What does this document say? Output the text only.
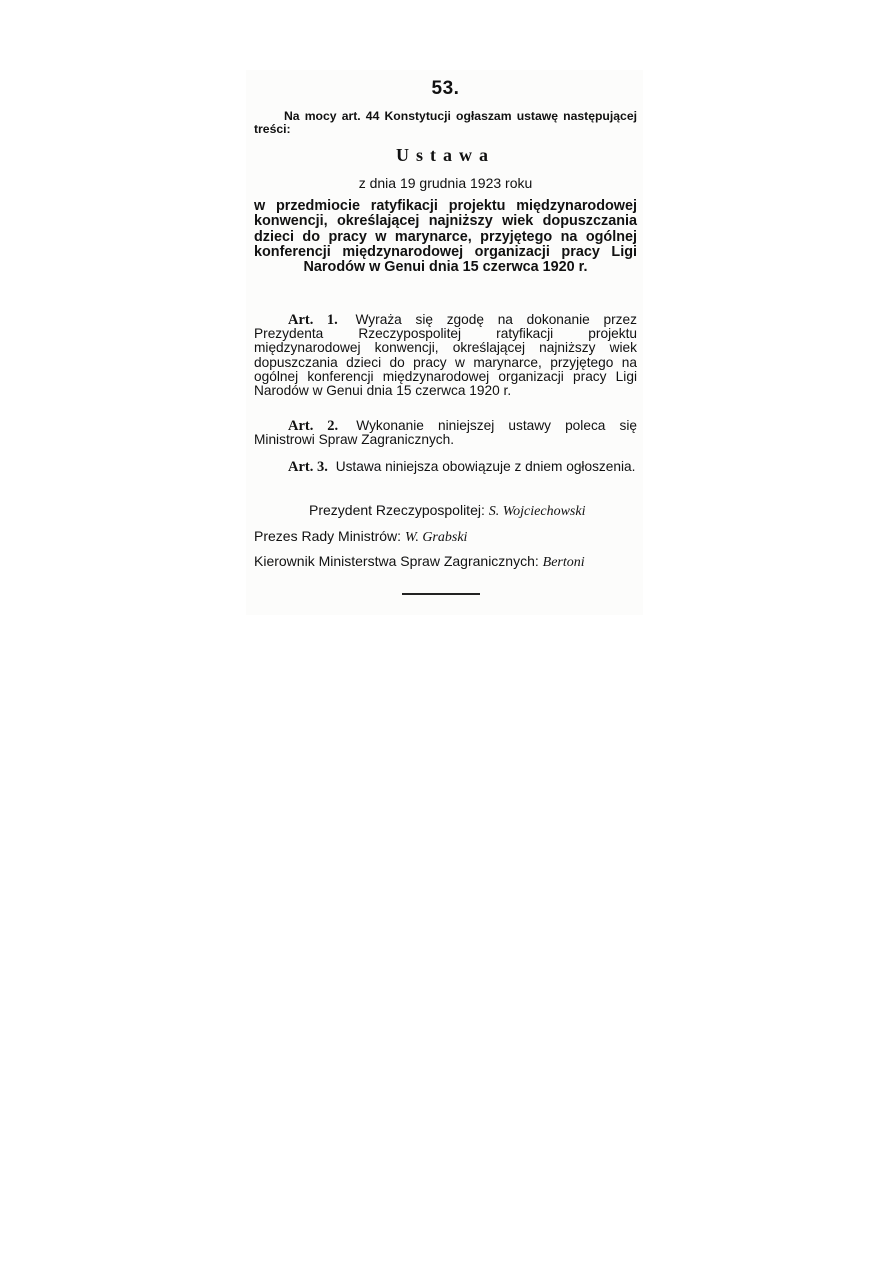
53.
Na mocy art. 44 Konstytucji ogłaszam ustawę następującej treści:
Ustawa
z dnia 19 grudnia 1923 roku
w przedmiocie ratyfikacji projektu międzynarodowej konwencji, określającej najniższy wiek dopuszczania dzieci do pracy w marynarce, przyjętego na ogólnej konferencji międzynarodowej organizacji pracy Ligi Narodów w Genui dnia 15 czerwca 1920 r.
Art. 1. Wyraża się zgodę na dokonanie przez Prezydenta Rzeczypospolitej ratyfikacji projektu międzynarodowej konwencji, określającej najniższy wiek dopuszczania dzieci do pracy w marynarce, przyjętego na ogólnej konferencji międzynarodowej organizacji pracy Ligi Narodów w Genui dnia 15 czerwca 1920 r.
Art. 2. Wykonanie niniejszej ustawy poleca się Ministrowi Spraw Zagranicznych.
Art. 3. Ustawa niniejsza obowiązuje z dniem ogłoszenia.
Prezydent Rzeczypospolitej: S. Wojciechowski
Prezes Rady Ministrów: W. Grabski
Kierownik Ministerstwa Spraw Zagranicznych: Bertoni
